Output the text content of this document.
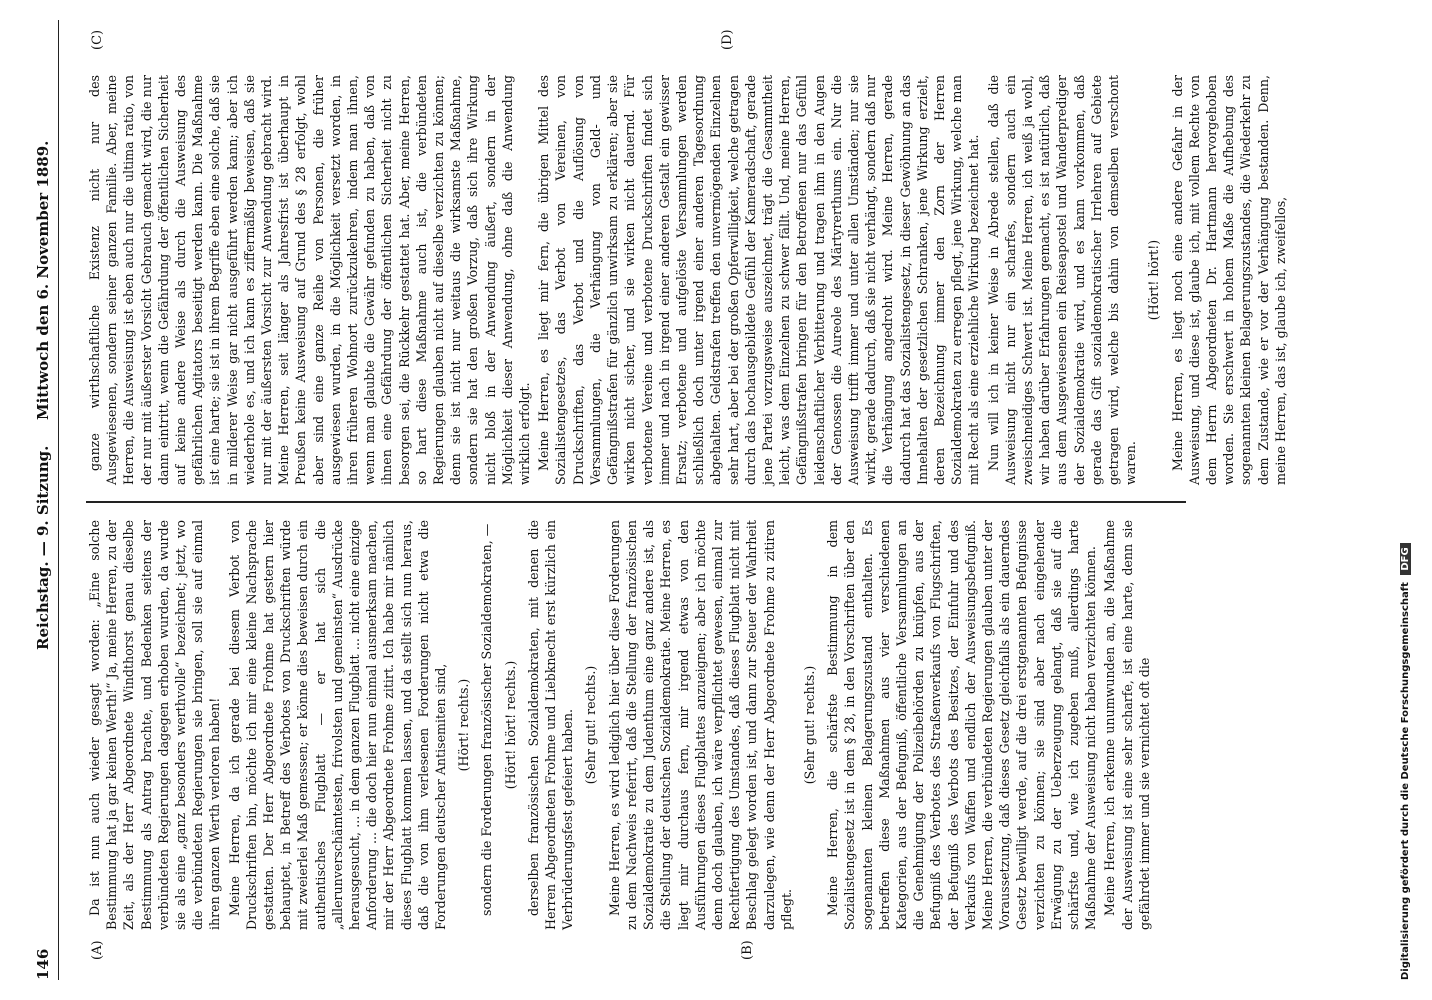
146
Reichstag. — 9. Sitzung.
Mittwoch den 6. November 1889.
(A)	(B)
(C)	(D)

Da ist nun auch wieder gesagt worden: „Eine solche Bestimmung hat ja gar keinen Werth!“ Ja, meine Herren, zu der Zeit, als der Herr Abgeordnete Windthorst genau dieselbe Bestimmung als Antrag brachte, und Bedenken seitens der verbündeten Regierungen dagegen erhoben wurden, da wurde sie als eine „ganz besonders werthvolle“ bezeichnet; jetzt, wo die verbündeten Regierungen sie bringen, soll sie auf einmal ihren ganzen Werth verloren haben! Meine Herren, da ich gerade bei diesem Verbot von Druckschriften bin, möchte ich mir eine kleine Nachsprache gestatten. Der Herr Abgeordnete Frohme hat gestern hier behauptet, in Betreff des Verbotes von Druckschriften würde mit zweierlei Maß gemessen; er könne dies beweisen durch ein authentisches Flugblatt — er hat sich die „allerunverschämtesten, frivolsten und gemeinsten“ Ausdrücke herausgesucht, ... in dem ganzen Flugblatt ... nicht eine einzige Anforderung ... die doch hier nun einmal ausmerksam machen, mir der Herr Abgeordnete Frohme zitirt. Ich habe mir nämlich dieses Flugblatt kommen lassen, und da stellt sich nun heraus, daß die von ihm verlesenen Forderungen nicht etwa die Forderungen deutscher Antisemiten sind, (Hört! rechts.) sondern die Forderungen französischer Sozialdemokraten, — (Hört! hört! rechts.) derselben französischen Sozialdemokraten, mit denen die Herren Abgeordneten Frohme und Liebknecht erst kürzlich ein Verbrüderungsfest gefeiert haben. (Sehr gut! rechts.) Meine Herren, es wird lediglich hier über diese Forderungen zu dem Nachweis referirt, daß die Stellung der französischen Sozialdemokratie zu dem Judenthum eine ganz andere ist, als die Stellung der deutschen Sozialdemokratie. Meine Herren, es liegt mir durchaus fern, mir irgend etwas von den Ausführungen dieses Flugblattes anzueignen; aber ich möchte denn doch glauben, ich wäre verpflichtet gewesen, einmal zur Rechtfertigung des Umstandes, daß dieses Flugblatt nicht mit Beschlag gelegt worden ist, und dann zur Steuer der Wahrheit darzulegen, wie denn der Herr Abgeordnete Frohme zu zitiren pflegt.

(Sehr gut! rechts.) Meine Herren, die schärfste Bestimmung in dem Sozialistengesetz ist in dem § 28, in den Vorschriften über den sogenannten kleinen Belagerungszustand enthalten. Es betreffen diese Maßnahmen aus vier verschiedenen Kategorien, aus der Befugniß, öffentliche Versammlungen an die Genehmigung der Polizeibehörden zu knüpfen, aus der Befugniß des Verbotes des Straßenverkaufs von Flugschriften, der Befugniß des Verbots des Besitzes, der Einfuhr und des Verkaufs von Waffen und endlich der Ausweisungsbefugniß. Meine Herren, die verbündeten Regierungen glauben unter der Voraussetzung, daß dieses Gesetz gleichfalls als ein dauerndes Gesetz bewilligt werde, auf die drei erstgenannten Befugnisse verzichten zu können; sie sind aber nach eingehender Erwägung zu der Ueberzeugung gelangt, daß sie auf die schärfste und, wie ich zugeben muß, allerdings harte Maßnahme der Ausweisung nicht haben verzichten können. Meine Herren, ich erkenne unumwunden an, die Maßnahme der Ausweisung ist eine sehr scharfe, ist eine harte, denn sie gefährdet immer und sie vernichtet oft die

ganze wirthschaftliche Existenz nicht nur des Ausgewiesenen, sondern seiner ganzen Familie. Aber, meine Herren, die Ausweisung ist eben auch nur die ultima ratio, von der nur mit äußerster Vorsicht Gebrauch gemacht wird, die nur dann eintritt, wenn die Gefährdung der öffentlichen Sicherheit auf keine andere Weise als durch die Ausweisung des gefährlichen Agitators beseitigt werden kann. Die Maßnahme ist eine harte; sie ist in ihrem Begriffe eben eine solche, daß sie in milderer Weise gar nicht ausgeführt werden kann; aber ich wiederhole es, und ich kann es ziffermäßig beweisen, daß sie nur mit der äußersten Vorsicht zur Anwendung gebracht wird. Meine Herren, seit länger als Jahresfrist ist überhaupt in Preußen keine Ausweisung auf Grund des § 28 erfolgt, wohl aber sind eine ganze Reihe von Personen, die früher ausgewiesen wurden, in die Möglichkeit versetzt worden, in ihren früheren Wohnort zurückzukehren, indem man ihnen, wenn man glaubte die Gewähr gefunden zu haben, daß von ihnen eine Gefährdung der öffentlichen Sicherheit nicht zu besorgen sei, die Rückkehr gestattet hat. Aber, meine Herren, so hart diese Maßnahme auch ist, die verbündeten Regierungen glauben nicht auf dieselbe verzichten zu können; denn sie ist nicht nur weitaus die wirksamste Maßnahme, sondern sie hat den großen Vorzug, daß sich ihre Wirkung nicht bloß in der Anwendung äußert, sondern in der Möglichkeit dieser Anwendung, ohne daß die Anwendung wirklich erfolgt. Meine Herren, es liegt mir fern, die übrigen Mittel des Sozialistengesetzes, das Verbot von Vereinen, von Druckschriften, das Verbot und die Auflösung von Versammlungen, die Verhängung von Geld- und Gefängnißstrafen für gänzlich unwirksam zu erklären; aber sie wirken nicht sicher, und sie wirken nicht dauernd. Für verbotene Vereine und verbotene Druckschriften findet sich immer und nach in irgend einer anderen Gestalt ein gewisser Ersatz; verbotene und aufgelöste Versammlungen werden schließlich doch unter irgend einer anderen Tagesordnung abgehalten. Geldstrafen treffen den unvermögenden Einzelnen sehr hart, aber bei der großen Opferwilligkeit, welche getragen durch das hochausgebildete Gefühl der Kameradschaft, gerade jene Partei vorzugsweise auszeichnet, trägt die Gesammtheit leicht, was dem Einzelnen zu schwer fällt. Und, meine Herren, Gefängnißstrafen bringen für den Betroffenen nur das Gefühl leidenschaftlicher Verbitterung und tragen ihm in den Augen der Genossen die Aureole des Märtyrerthums ein. Nur die Ausweisung trifft immer und unter allen Umständen; nur sie wirkt, gerade dadurch, daß sie nicht verhängt, sondern daß nur die Verhängung angedroht wird. Meine Herren, gerade dadurch hat das Sozialistengesetz, in dieser Gewöhnung an das Innehalten der gesetzlichen Schranken, jene Wirkung erzielt, deren Bezeichnung immer den Zorn der Herren Sozialdemokraten zu erregen pflegt, jene Wirkung, welche man mit Recht als eine erziehliche Wirkung bezeichnet hat. Nun will ich in keiner Weise in Abrede stellen, daß die Ausweisung nicht nur ein scharfes, sondern auch ein zweischneidiges Schwert ist. Meine Herren, ich weiß ja wohl, wir haben darüber Erfahrungen gemacht, es ist natürlich, daß aus dem Ausgewiesenen ein Reiseapostel und Wanderprediger der Sozialdemokratie wird, und es kann vorkommen, daß gerade das Gift sozialdemokratischer Irrlehren auf Gebiete getragen wird, welche bis dahin von demselben verschont waren.

(Hört! hört!) Meine Herren, es liegt noch eine andere Gefahr in der Ausweisung, und diese ist, glaube ich, mit vollem Rechte von dem Herrn Abgeordneten Dr. Hartmann hervorgehoben worden. Sie erschwert in hohem Maße die Aufhebung des sogenannten kleinen Belagerungszustandes, die Wiederkehr zu dem Zustande, wie er vor der Verhängung bestanden. Denn, meine Herren, das ist, glaube ich, zweifellos,

Digitalisierung gefördert durch die Deutsche Forschungsgemeinschaft DFG
